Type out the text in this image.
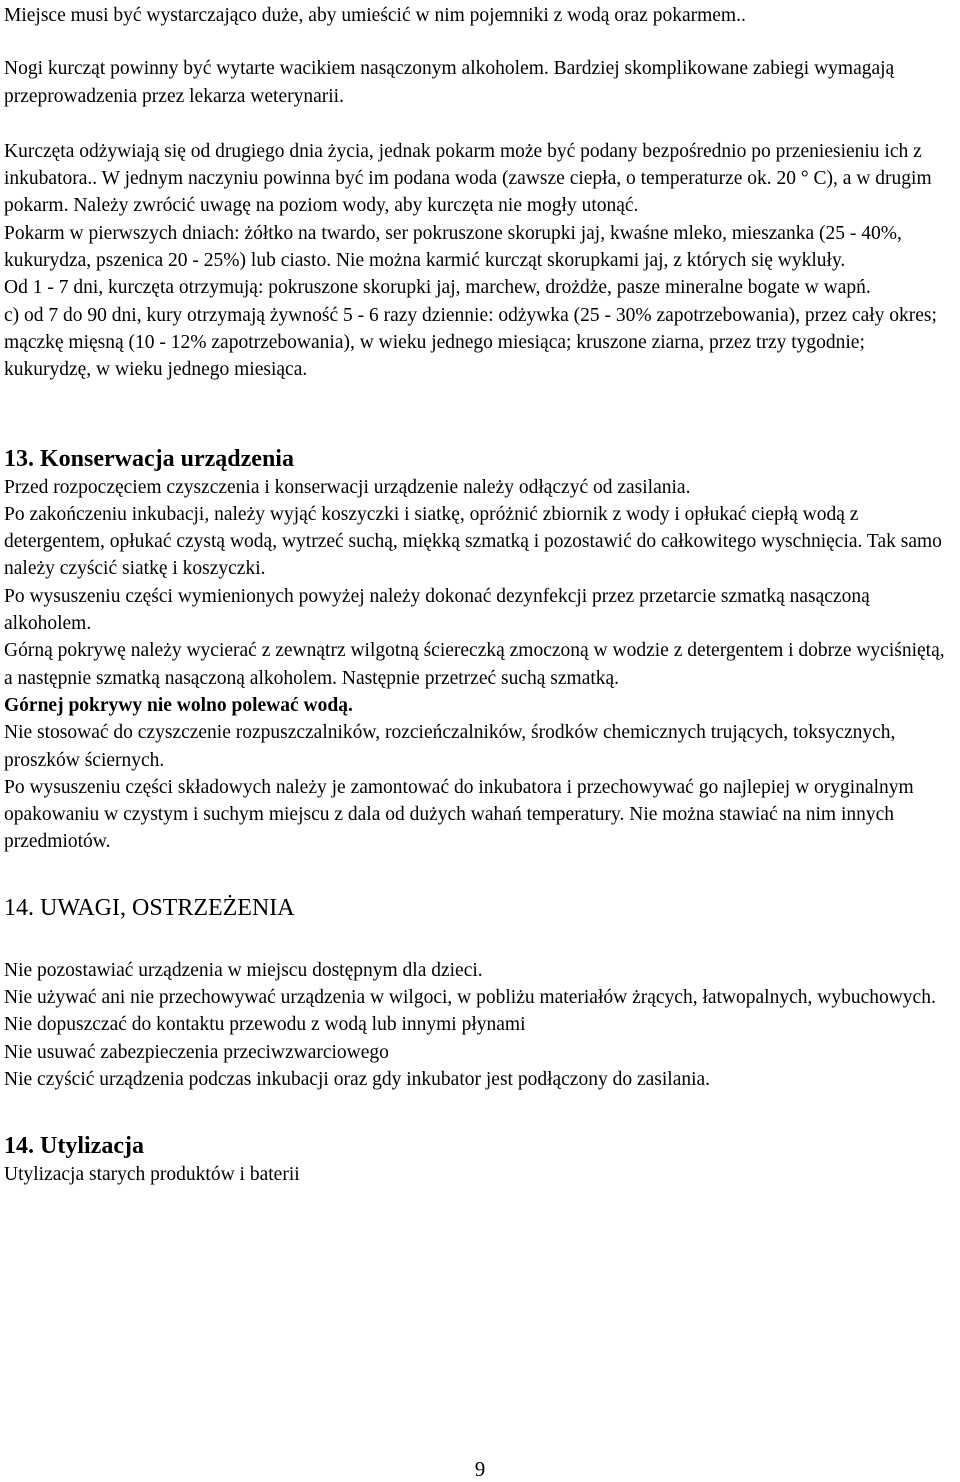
Miejsce musi być wystarczająco duże, aby umieścić w nim pojemniki z wodą oraz pokarmem..

Nogi kurcząt powinny być wytarte wacikiem nasączonym alkoholem. Bardziej skomplikowane zabiegi wymagają przeprowadzenia przez lekarza weterynarii.

Kurczęta odżywiają się od drugiego dnia życia, jednak pokarm może być podany bezpośrednio po przeniesieniu ich z inkubatora.. W jednym naczyniu powinna być im podana woda (zawsze ciepła, o temperaturze ok. 20 ° C), a w drugim pokarm. Należy zwrócić uwagę na poziom wody, aby kurczęta nie mogły utonąć.

Pokarm w pierwszych dniach: żółtko na twardo, ser pokruszone skorupki jaj, kwaśne mleko, mieszanka (25 - 40%, kukurydza, pszenica 20 - 25%) lub ciasto. Nie można karmić kurcząt skorupkami jaj, z których się wykluły.

Od 1 - 7 dni, kurczęta otrzymują: pokruszone skorupki jaj, marchew, drożdże, pasze mineralne bogate w wapń.

c) od 7 do 90 dni, kury otrzymają żywność 5 - 6 razy dziennie: odżywka (25 - 30% zapotrzebowania), przez cały okres; mączkę mięsną (10 - 12% zapotrzebowania), w wieku jednego miesiąca; kruszone ziarna, przez trzy tygodnie; kukurydzę, w wieku jednego miesiąca.

13. Konserwacja urządzenia

Przed rozpoczęciem czyszczenia i konserwacji urządzenie należy odłączyć od zasilania.

Po zakończeniu inkubacji, należy wyjąć koszyczki i siatkę, opróżnić zbiornik z wody i opłukać ciepłą wodą z detergentem, opłukać czystą wodą, wytrzeć suchą, miękką szmatką i pozostawić do całkowitego wyschnięcia. Tak samo należy czyścić siatkę i koszyczki.

Po wysuszeniu części wymienionych powyżej należy dokonać dezynfekcji przez przetarcie szmatką nasączoną alkoholem.

Górną pokrywę należy wycierać z zewnątrz wilgotną ściereczką zmoczoną w wodzie z detergentem i dobrze wyciśniętą, a następnie szmatką nasączoną alkoholem. Następnie przetrzeć suchą szmatką.

Górnej pokrywy nie wolno polewać wodą.

Nie stosować do czyszczenie rozpuszczalników, rozcieńczalników, środków chemicznych trujących, toksycznych, proszków ściernych.

Po wysuszeniu części składowych należy je zamontować do inkubatora i przechowywać go najlepiej w oryginalnym opakowaniu w czystym i suchym miejscu z dala od dużych wahań temperatury. Nie można stawiać na nim innych przedmiotów.

14. UWAGI, OSTRZEŻENIA

Nie pozostawiać urządzenia w miejscu dostępnym dla dzieci.

Nie używać ani nie przechowywać urządzenia w wilgoci, w pobliżu materiałów żrących, łatwopalnych, wybuchowych.

Nie dopuszczać do kontaktu przewodu z wodą lub innymi płynami

Nie usuwać zabezpieczenia przeciwzwarciowego

Nie czyścić urządzenia podczas inkubacji oraz gdy inkubator jest podłączony do zasilania.

14. Utylizacja

Utylizacja starych produktów i baterii

9
